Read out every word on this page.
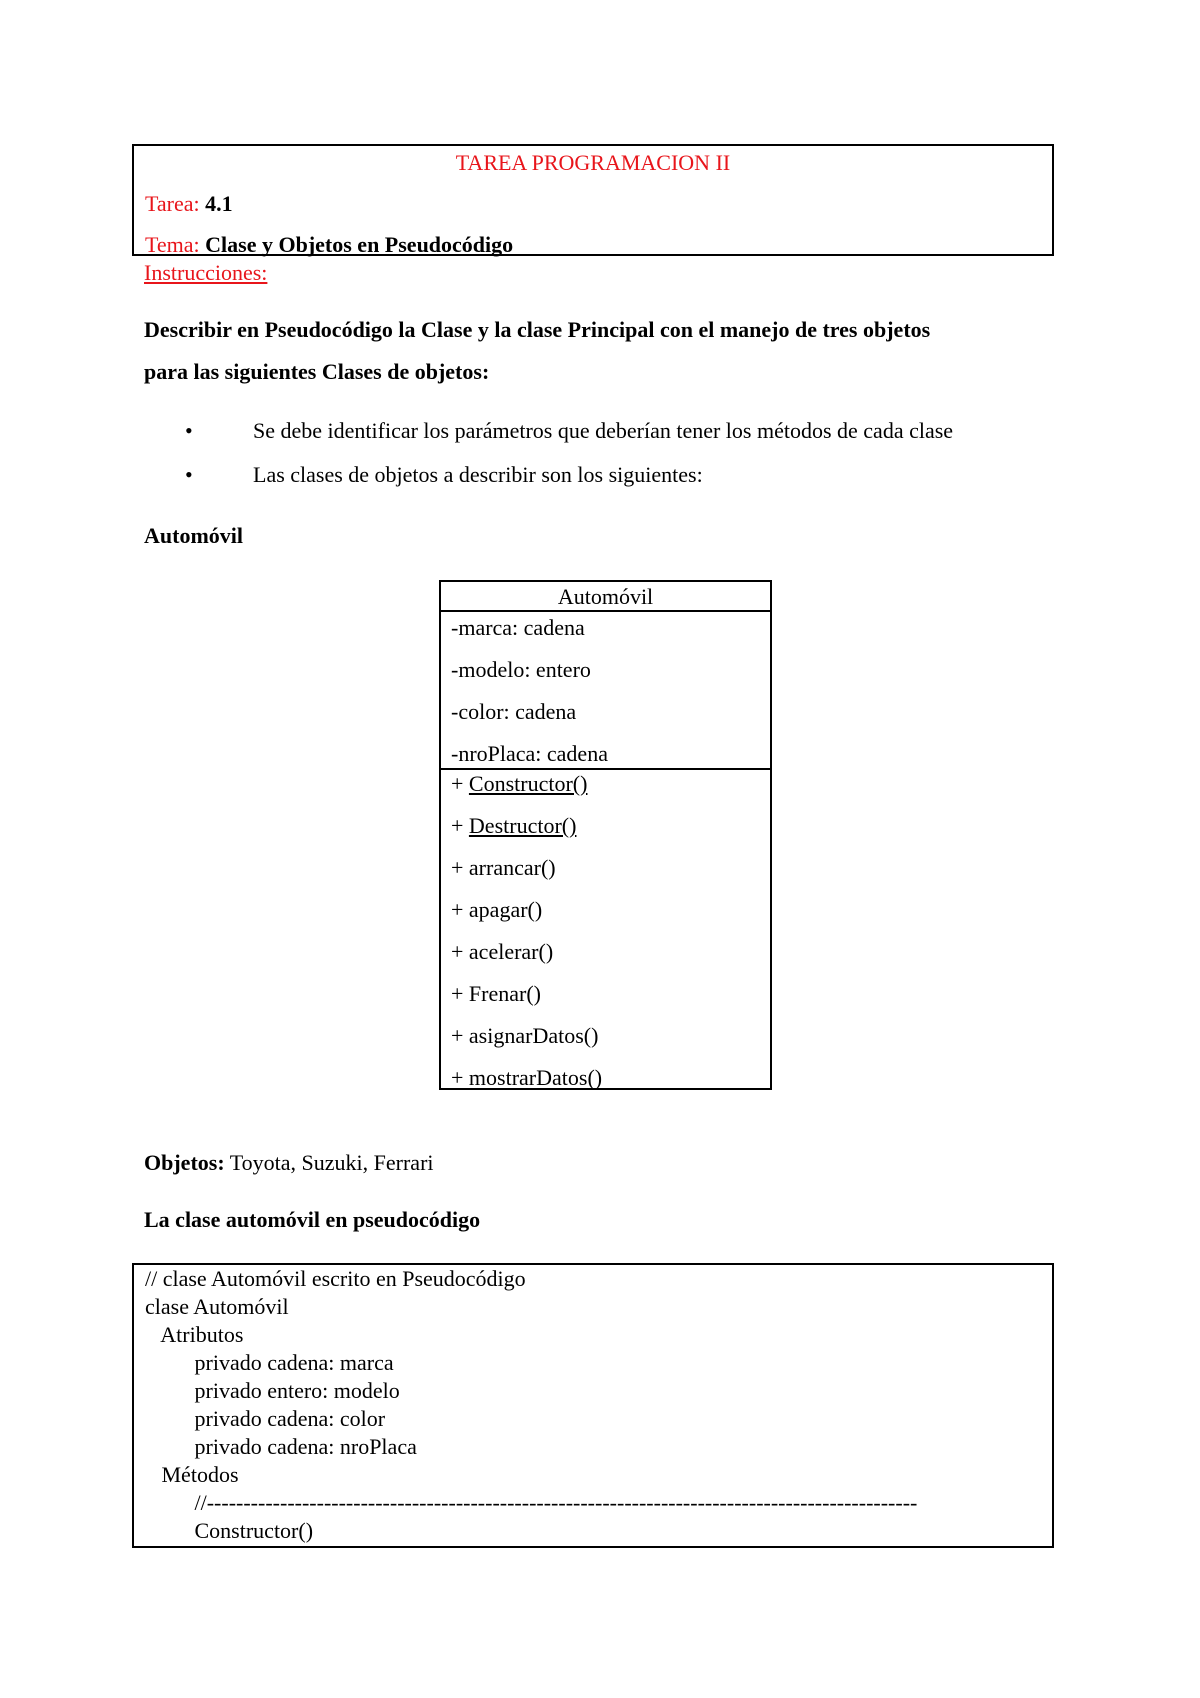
TAREA PROGRAMACION II
Tarea: 4.1
Tema: Clase y Objetos en Pseudocódigo
Instrucciones:
Describir en Pseudocódigo la Clase y la clase Principal con el manejo de tres objetos
para las siguientes Clases de objetos:
•	Se debe identificar los parámetros que deberían tener los métodos de cada clase
•	Las clases de objetos a describir son los siguientes:
Automóvil
Automóvil
-marca: cadena
-modelo: entero
-color: cadena
-nroPlaca: cadena
+ Constructor()
+ Destructor()
+ arrancar()
+ apagar()
+ acelerar()
+ Frenar()
+ asignarDatos()
+ mostrarDatos()
Objetos: Toyota, Suzuki, Ferrari
La clase automóvil en pseudocódigo
// clase Automóvil escrito en Pseudocódigo
clase Automóvil
Atributos
privado cadena: marca
privado entero: modelo
privado cadena: color
privado cadena: nroPlaca
Métodos
//-------------------------------------------------------------------------------------------------
Constructor()
